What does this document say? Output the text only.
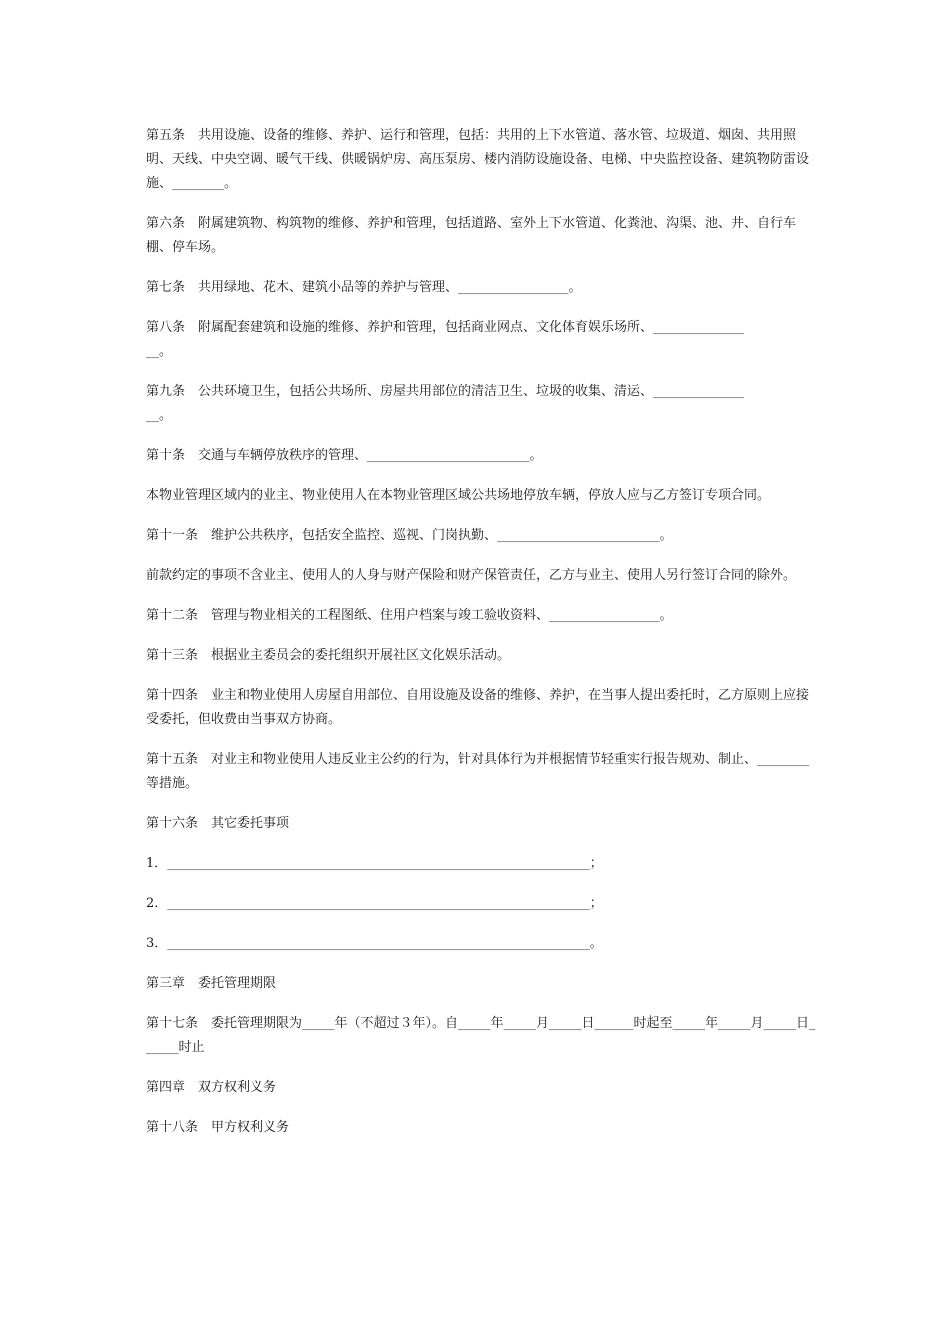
第五条　共用设施、设备的维修、养护、运行和管理，包括：共用的上下水管道、落水管、垃圾道、烟囱、共用照明、天线、中央空调、暖气干线、供暖锅炉房、高压泵房、楼内消防设施设备、电梯、中央监控设备、建筑物防雷设施、________。

第六条　附属建筑物、构筑物的维修、养护和管理，包括道路、室外上下水管道、化粪池、沟渠、池、井、自行车棚、停车场。

第七条　共用绿地、花木、建筑小品等的养护与管理、_________________。

第八条　附属配套建筑和设施的维修、养护和管理，包括商业网点、文化体育娱乐场所、______________
__。

第九条　公共环境卫生，包括公共场所、房屋共用部位的清洁卫生、垃圾的收集、清运、______________
__。

第十条　交通与车辆停放秩序的管理、_________________________。

本物业管理区域内的业主、物业使用人在本物业管理区域公共场地停放车辆，停放人应与乙方签订专项合同。

第十一条　维护公共秩序，包括安全监控、巡视、门岗执勤、_________________________。

前款约定的事项不含业主、使用人的人身与财产保险和财产保管责任，乙方与业主、使用人另行签订合同的除外。

第十二条　管理与物业相关的工程图纸、住用户档案与竣工验收资料、_________________。

第十三条　根据业主委员会的委托组织开展社区文化娱乐活动。

第十四条　业主和物业使用人房屋自用部位、自用设施及设备的维修、养护，在当事人提出委托时，乙方原则上应接受委托，但收费由当事双方协商。

第十五条　对业主和物业使用人违反业主公约的行为，针对具体行为并根据情节轻重实行报告规劝、制止、________等措施。

第十六条　其它委托事项

1．_________________________________________________________________；

2．_________________________________________________________________；

3．_________________________________________________________________。

第三章　委托管理期限

第十七条　委托管理期限为_____年（不超过３年）。自_____年_____月_____日______时起至_____年_____月_____日______时止

第四章　双方权利义务

第十八条　甲方权利义务
